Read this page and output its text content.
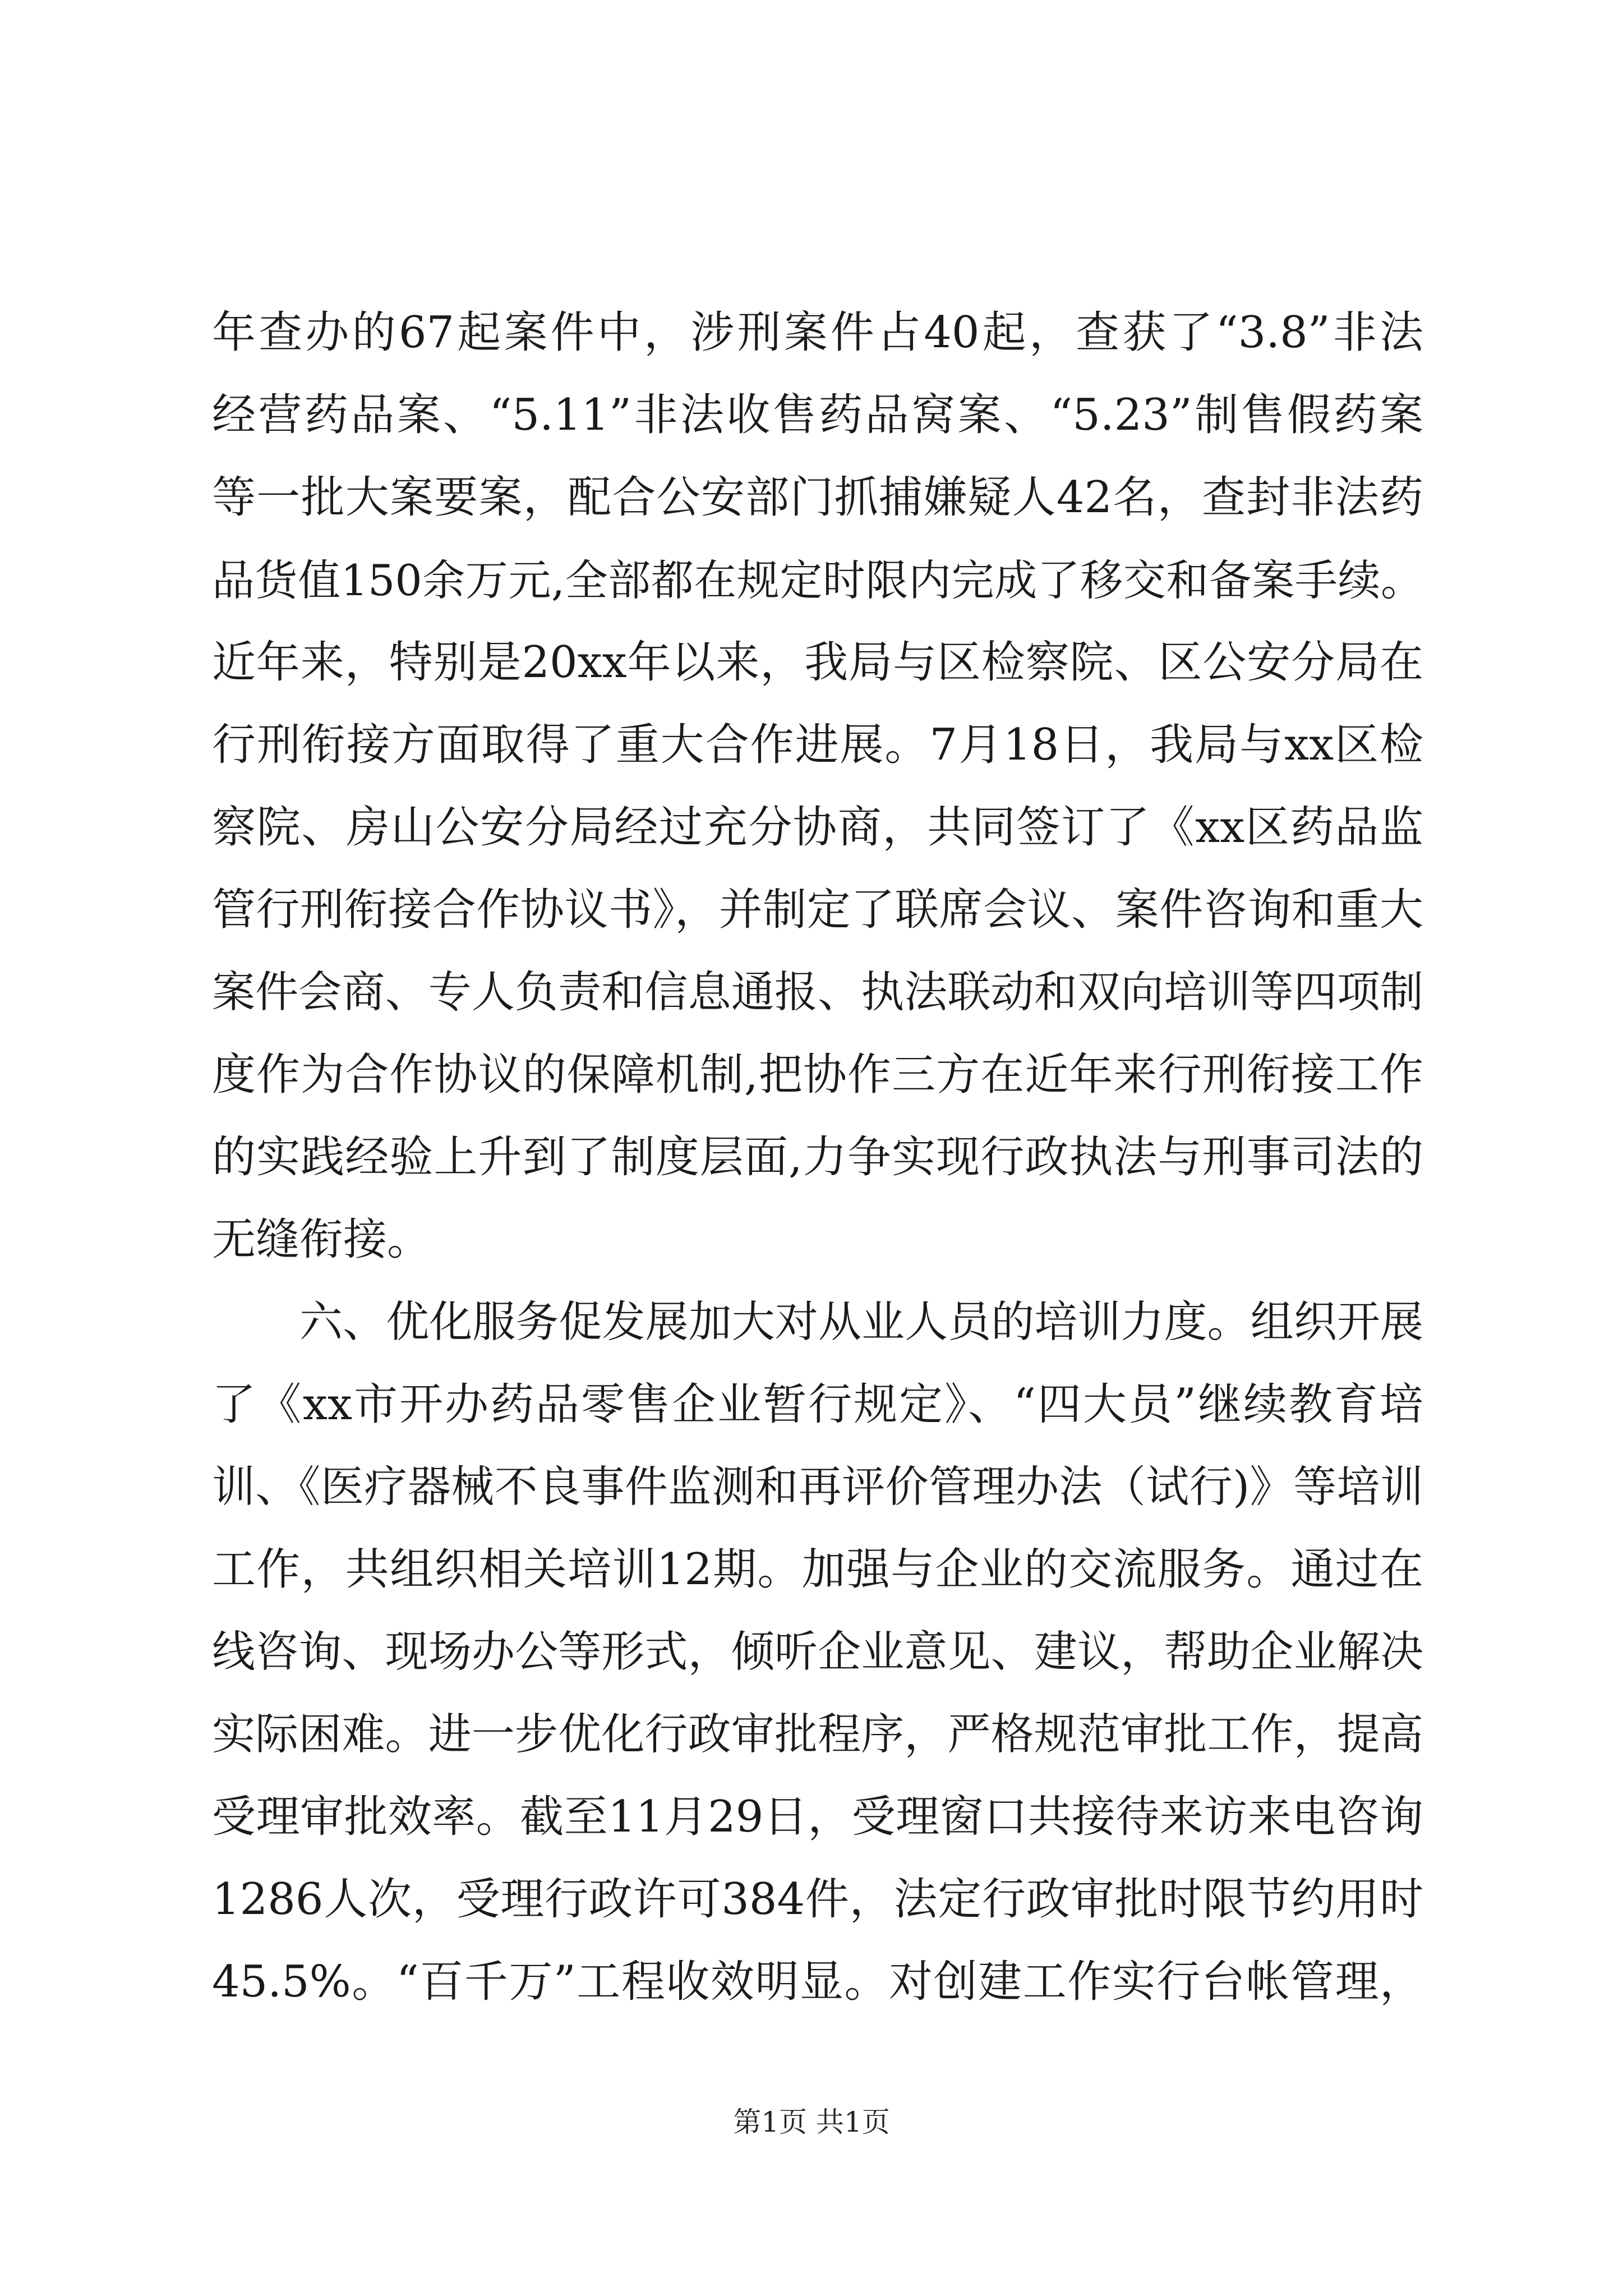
年查办的67起案件中，涉刑案件占40起，查获了“3.8”非法
经营药品案、“5.11”非法收售药品窝案、“5.23”制售假药案
等一批大案要案，配合公安部门抓捕嫌疑人42名，查封非法药
品货值150余万元,全部都在规定时限内完成了移交和备案手续。
近年来，特别是20xx年以来，我局与区检察院、区公安分局在
行刑衔接方面取得了重大合作进展。7月18日，我局与xx区检
察院、房山公安分局经过充分协商，共同签订了《xx区药品监
管行刑衔接合作协议书》，并制定了联席会议、案件咨询和重大
案件会商、专人负责和信息通报、执法联动和双向培训等四项制
度作为合作协议的保障机制,把协作三方在近年来行刑衔接工作
的实践经验上升到了制度层面,力争实现行政执法与刑事司法的
无缝衔接。
六、优化服务促发展加大对从业人员的培训力度。组织开展
了《xx市开办药品零售企业暂行规定》、“四大员”继续教育培
训、《医疗器械不良事件监测和再评价管理办法（试行)》等培训
工作，共组织相关培训12期。加强与企业的交流服务。通过在
线咨询、现场办公等形式，倾听企业意见、建议，帮助企业解决
实际困难。进一步优化行政审批程序，严格规范审批工作，提高
受理审批效率。截至11月29日，受理窗口共接待来访来电咨询
1286人次，受理行政许可384件，法定行政审批时限节约用时
45.5%。“百千万”工程收效明显。对创建工作实行台帐管理，
第1页 共1页
